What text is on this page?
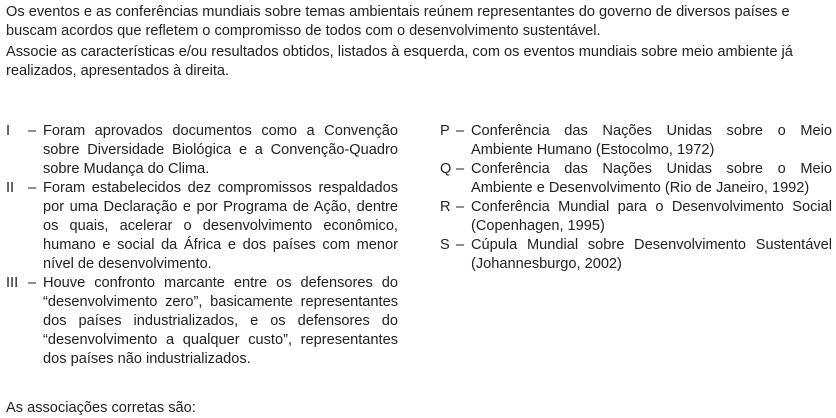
Os eventos e as conferências mundiais sobre temas ambientais reúnem representantes do governo de diversos países e buscam acordos que refletem o compromisso de todos com o desenvolvimento sustentável.

Associe as características e/ou resultados obtidos, listados à esquerda, com os eventos mundiais sobre meio ambiente já realizados, apresentados à direita.

I	– Foram aprovados documentos como a Convenção sobre Diversidade Biológica e a Convenção-Quadro sobre Mudança do Clima.
II – Foram estabelecidos dez compromissos respaldados por uma Declaração e por Programa de Ação, dentre os quais, acelerar o desenvolvimento econômico, humano e social da África e dos países com menor nível de desenvolvimento.
III – Houve confronto marcante entre os defensores do “desenvolvimento zero”, basicamente representantes dos países industrializados, e os defensores do “desenvolvimento a qualquer custo”, representantes dos países não industrializados.
P – Conferência das Nações Unidas sobre o Meio Ambiente Humano (Estocolmo, 1972)
Q – Conferência das Nações Unidas sobre o Meio Ambiente e Desenvolvimento (Rio de Janeiro, 1992)
R – Conferência Mundial para o Desenvolvimento Social (Copenhagen, 1995)
S – Cúpula Mundial sobre Desenvolvimento Sustentável (Johannesburgo, 2002)

As associações corretas são:
